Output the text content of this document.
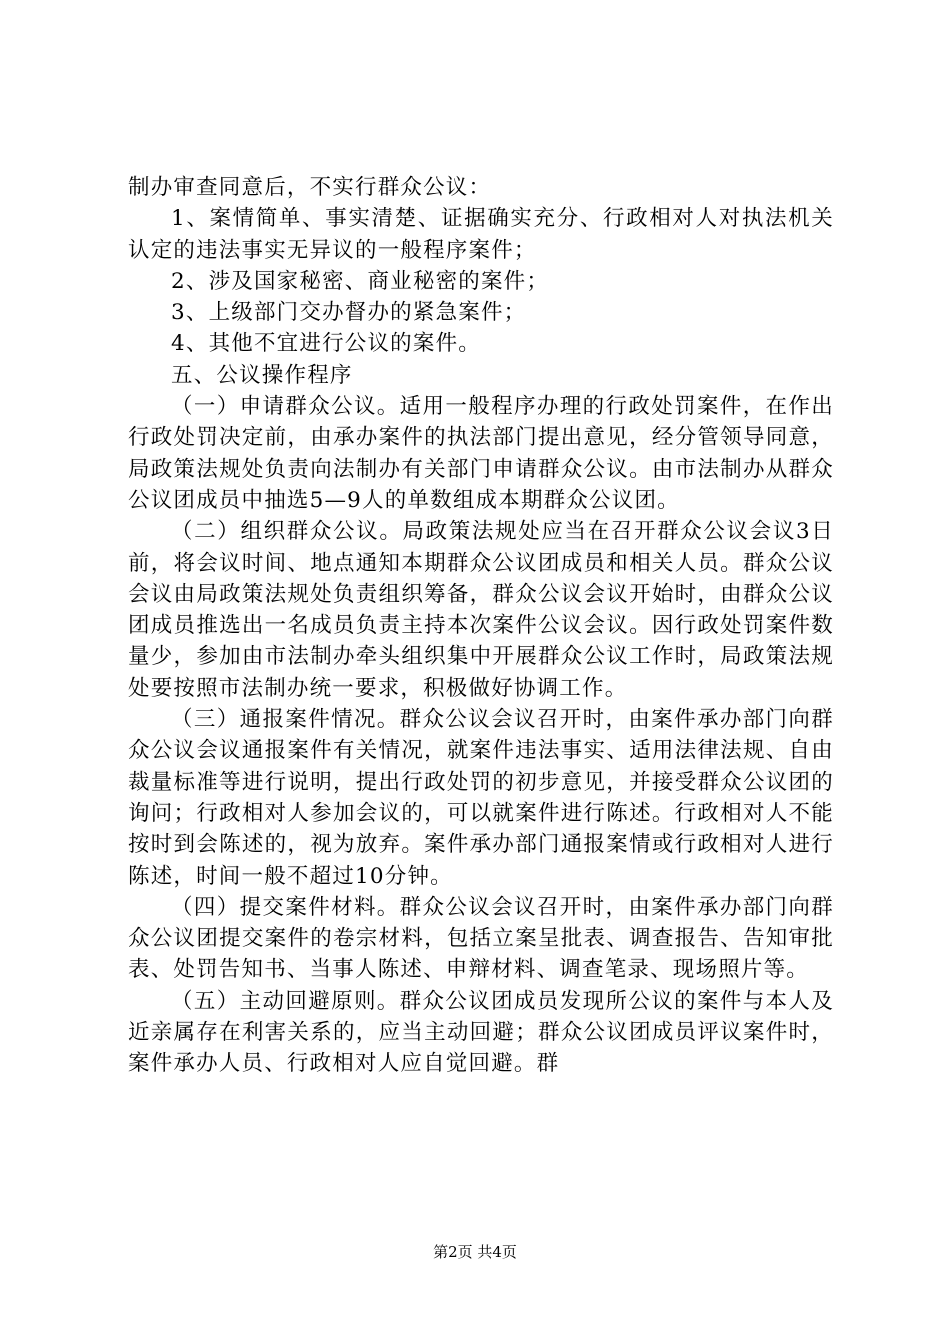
制办审查同意后，不实行群众公议：

1、案情简单、事实清楚、证据确实充分、行政相对人对执法机关认定的违法事实无异议的一般程序案件；

2、涉及国家秘密、商业秘密的案件；

3、上级部门交办督办的紧急案件；

4、其他不宜进行公议的案件。

五、公议操作程序

（一）申请群众公议。适用一般程序办理的行政处罚案件，在作出行政处罚决定前，由承办案件的执法部门提出意见，经分管领导同意，局政策法规处负责向法制办有关部门申请群众公议。由市法制办从群众公议团成员中抽选5—9人的单数组成本期群众公议团。

（二）组织群众公议。局政策法规处应当在召开群众公议会议3日前，将会议时间、地点通知本期群众公议团成员和相关人员。群众公议会议由局政策法规处负责组织筹备，群众公议会议开始时，由群众公议团成员推选出一名成员负责主持本次案件公议会议。因行政处罚案件数量少，参加由市法制办牵头组织集中开展群众公议工作时，局政策法规处要按照市法制办统一要求，积极做好协调工作。

（三）通报案件情况。群众公议会议召开时，由案件承办部门向群众公议会议通报案件有关情况，就案件违法事实、适用法律法规、自由裁量标准等进行说明，提出行政处罚的初步意见，并接受群众公议团的询问；行政相对人参加会议的，可以就案件进行陈述。行政相对人不能按时到会陈述的，视为放弃。案件承办部门通报案情或行政相对人进行陈述，时间一般不超过10分钟。

（四）提交案件材料。群众公议会议召开时，由案件承办部门向群众公议团提交案件的卷宗材料，包括立案呈批表、调查报告、告知审批表、处罚告知书、当事人陈述、申辩材料、调查笔录、现场照片等。

（五）主动回避原则。群众公议团成员发现所公议的案件与本人及近亲属存在利害关系的，应当主动回避；群众公议团成员评议案件时，案件承办人员、行政相对人应自觉回避。群

第2页 共4页
